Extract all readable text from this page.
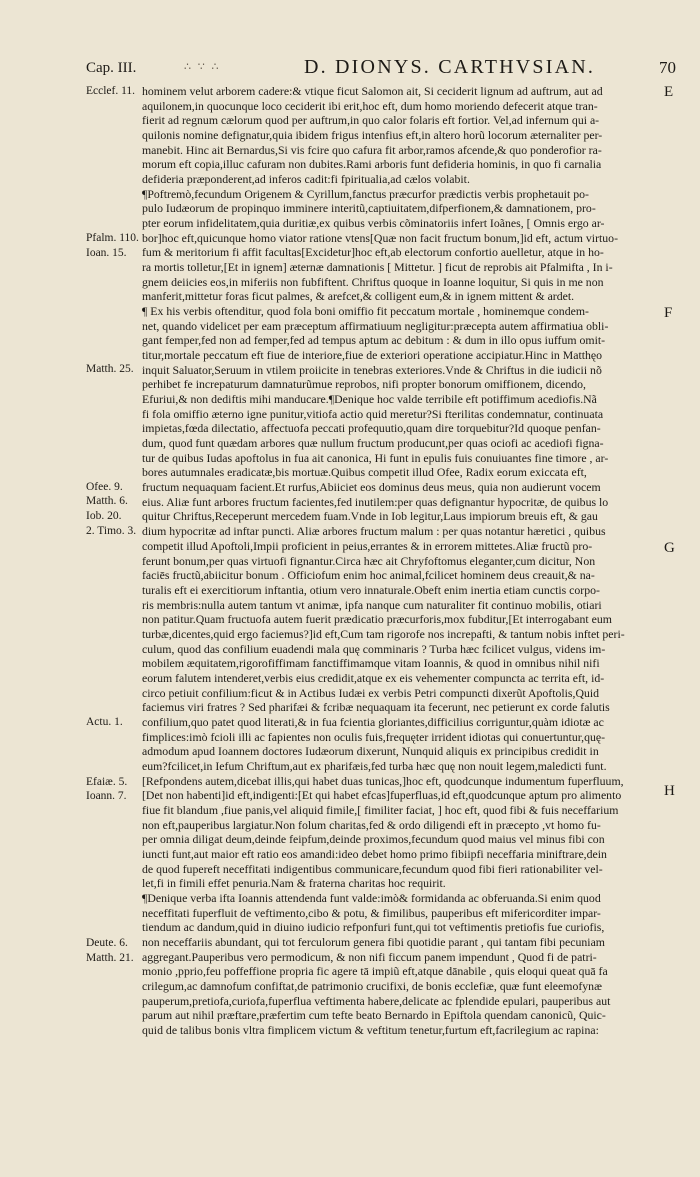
Cap. III.	∴ ∵ ∴	D. DIONYS. CARTHVSIAN.	70
E
F
G
H
Ecclef. 11.
Pfalm. 110.
Ioan. 15.
Matth. 25.
Ofee. 9.
Matth. 6.
Iob. 20.
2. Timo. 3.
Actu. 1.
Efaiæ. 5.
Ioann. 7.
Deute. 6.
Matth. 21.
hominem velut arborem cadere:& vtique ficut Salomon ait, Si ceciderit lignum ad auftrum, aut ad
aquilonem,in quocunque loco ceciderit ibi erit,hoc eft, dum homo moriendo defecerit atque tran-
fierit ad regnum cælorum quod per auftrum,in quo calor folaris eft fortior. Vel,ad infernum qui a-
quilonis nomine defignatur,quia ibidem frigus intenfius eft,in altero horũ locorum æternaliter per-
manebit. Hinc ait Bernardus,Si vis fcire quo cafura fit arbor,ramos afcende,& quo ponderofior ra-
morum eft copia,illuc cafuram non dubites.Rami arboris funt defideria hominis, in quo fi carnalia
defideria præponderent,ad inferos cadit:fi fpiritualia,ad cælos volabit.
¶Poftremò,fecundum Origenem & Cyrillum,fanctus præcurfor prædictis verbis prophetauit po-
pulo Iudæorum de propinquo imminere interitũ,captiuitatem,difperfionem,& damnationem, pro-
pter eorum infidelitatem,quia duritiæ,ex quibus verbis cõminatoriis infert Ioãnes, [ Omnis ergo ar-
bor]hoc eft,quicunque homo viator ratione vtens[Quæ non facit fructum bonum,]id eft, actum virtuo-
fum & meritorium fi affit facultas[Excidetur]hoc eft,ab electorum confortio auelletur, atque in ho-
ra mortis tolletur,[Et in ignem] æternæ damnationis [ Mittetur. ] ficut de reprobis ait Pfalmifta , In i-
gnem deiicies eos,in miferiis non fubfiftent. Chriftus quoque in Ioanne loquitur, Si quis in me non
manferit,mittetur foras ficut palmes, & arefcet,& colligent eum,& in ignem mittent & ardet.
¶ Ex his verbis oftenditur, quod fola boni omiffio fit peccatum mortale , hominemque condem-
net, quando videlicet per eam præceptum affirmatiuum negligitur:præcepta autem affirmatiua obli-
gant femper,fed non ad femper,fed ad tempus aptum ac debitum : & dum in illo opus iuffum omit-
titur,mortale peccatum eft fiue de interiore,fiue de exteriori operatione accipiatur.Hinc in Matthęo
inquit Saluator,Seruum in vtilem proiicite in tenebras exteriores.Vnde & Chriftus in die iudicii nõ
perhibet fe increpaturum damnaturũmue reprobos, nifi propter bonorum omiffionem, dicendo,
Efuriui,& non dediftis mihi manducare.¶Denique hoc valde terribile eft potiffimum acediofis.Nã
fi fola omiffio æterno igne punitur,vitiofa actio quid meretur?Si fterilitas condemnatur, continuata
impietas,fœda dilectatio, affectuofa peccati profequutio,quam dire torquebitur?Id quoque penfan-
dum, quod funt quædam arbores quæ nullum fructum producunt,per quas ociofi ac acediofi figna-
tur de quibus Iudas apoftolus in fua ait canonica, Hi funt in epulis fuis conuiuantes fine timore , ar-
bores autumnales eradicatæ,bis mortuæ.Quibus competit illud Ofee, Radix eorum exiccata eft,
fructum nequaquam facient.Et rurfus,Abiiciet eos dominus deus meus, quia non audierunt vocem
eius. Aliæ funt arbores fructum facientes,fed inutilem:per quas defignantur hypocritæ, de quibus lo
quitur Chriftus,Receperunt mercedem fuam.Vnde in Iob legitur,Laus impiorum breuis eft, & gau
dium hypocritæ ad inftar puncti. Aliæ arbores fructum malum : per quas notantur hæretici , quibus
competit illud Apoftoli,Impii proficient in peius,errantes & in errorem mittetes.Aliæ fructũ pro-
ferunt bonum,per quas virtuofi fignantur.Circa hæc ait Chryfoftomus eleganter,cum dicitur, Non
faciēs fructũ,abiicitur bonum . Officiofum enim hoc animal,fcilicet hominem deus creauit,& na-
turalis eft ei exercitiorum inftantia, otium vero innaturale.Obeft enim inertia etiam cunctis corpo-
ris membris:nulla autem tantum vt animæ, ipfa nanque cum naturaliter fit continuo mobilis, otiari
non patitur.Quam fructuofa autem fuerit prædicatio præcurforis,mox fubditur,[Et interrogabant eum
turbæ,dicentes,quid ergo faciemus?]id eft,Cum tam rigorofe nos increpafti, & tantum nobis inftet peri-
culum, quod das confilium euadendi mala quę comminaris ? Turba hæc fcilicet vulgus, videns im-
mobilem æquitatem,rigorofiffimam fanctiffimamque vitam Ioannis, & quod in omnibus nihil nifi
eorum falutem intenderet,verbis eius credidit,atque ex eis vehementer compuncta ac territa eft, id-
circo petiuit confilium:ficut & in Actibus Iudæi ex verbis Petri compuncti dixerũt Apoftolis,Quid
faciemus viri fratres ? Sed pharifæi & fcribæ nequaquam ita fecerunt, nec petierunt ex corde falutis
confilium,quo patet quod literati,& in fua fcientia gloriantes,difficilius corriguntur,quàm idiotæ ac
fimplices:imò fcioli illi ac fapientes non oculis fuis,frequęter irrident idiotas qui conuertuntur,quę-
admodum apud Ioannem doctores Iudæorum dixerunt, Nunquid aliquis ex principibus credidit in
eum?fcilicet,in Iefum Chriftum,aut ex pharifæis,fed turba hæc quę non nouit legem,maledicti funt.
[Refpondens autem,dicebat illis,qui habet duas tunicas,]hoc eft, quodcunque indumentum fuperfluum,
[Det non habenti]id eft,indigenti:[Et qui habet efcas]fuperfluas,id eft,quodcunque aptum pro alimento
fiue fit blandum ,fiue panis,vel aliquid fimile,[ fimiliter faciat, ] hoc eft, quod fibi & fuis neceffarium
non eft,pauperibus largiatur.Non folum charitas,fed & ordo diligendi eft in præcepto ,vt homo fu-
per omnia diligat deum,deinde feipfum,deinde proximos,fecundum quod maius vel minus fibi con
iuncti funt,aut maior eft ratio eos amandi:ideo debet homo primo fibiipfi neceffaria miniftrare,dein
de quod fupereft neceffitati indigentibus communicare,fecundum quod fibi fieri rationabiliter vel-
let,fi in fimili effet penuria.Nam & fraterna charitas hoc requirit.
¶Denique verba ifta Ioannis attendenda funt valde:imò& formidanda ac obferuanda.Si enim quod
neceffitati fuperfluit de veftimento,cibo & potu, & fimilibus, pauperibus eft mifericorditer impar-
tiendum ac dandum,quid in diuino iudicio refponfuri funt,qui tot veftimentis pretiofis fue curiofis,
non neceffariis abundant, qui tot ferculorum genera fibi quotidie parant , qui tantam fibi pecuniam
aggregant.Pauperibus vero permodicum, & non nifi ficcum panem impendunt , Quod fi de patri-
monio ,pprio,feu poffeffione propria fic agere tā impiũ eft,atque dānabile , quis eloqui queat quā fa
crilegum,ac damnofum confiftat,de patrimonio crucifixi, de bonis ecclefiæ, quæ funt eleemofynæ
pauperum,pretiofa,curiofa,fuperflua veftimenta habere,delicate ac fplendide epulari, pauperibus aut
parum aut nihil præftare,præfertim cum tefte beato Bernardo in Epiftola quendam canonicũ, Quic-
quid de talibus bonis vltra fimplicem victum & veftitum tenetur,furtum eft,facrilegium ac rapina:
